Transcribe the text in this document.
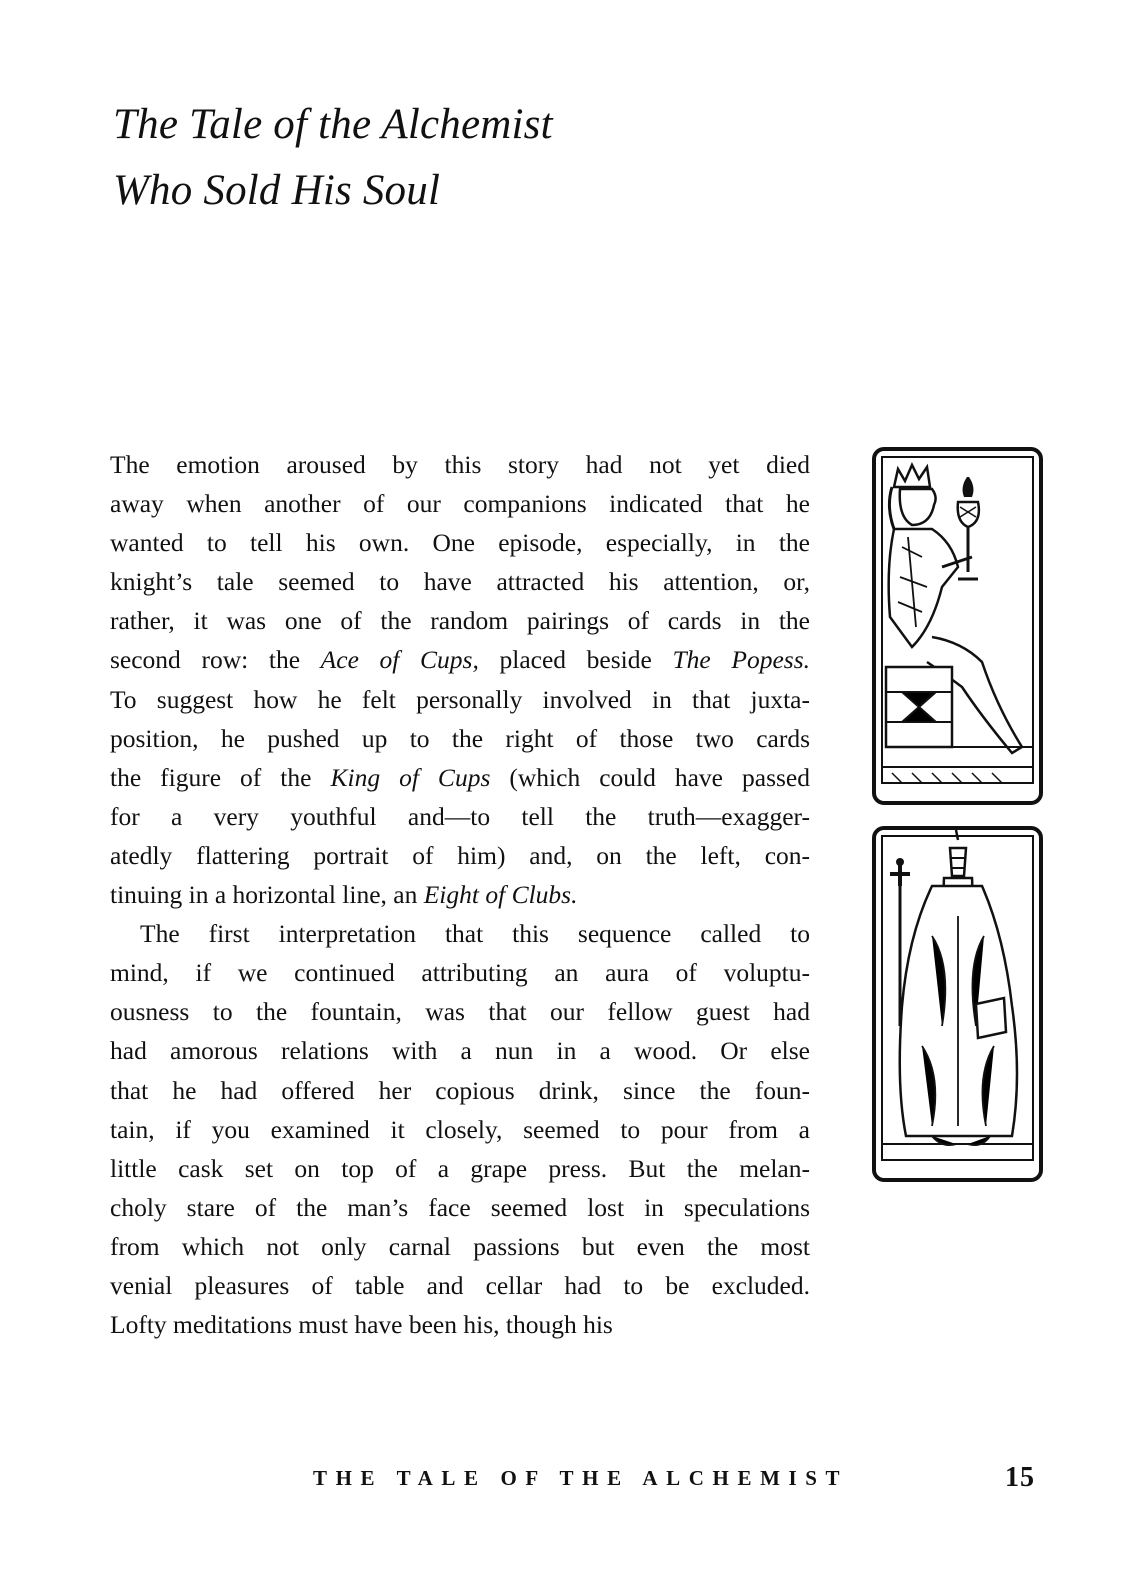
The Tale of the Alchemist
Who Sold His Soul
The emotion aroused by this story had not yet died
away when another of our companions indicated that he
wanted to tell his own. One episode, especially, in the
knight’s tale seemed to have attracted his attention, or,
rather, it was one of the random pairings of cards in the
second row: the Ace of Cups, placed beside The Popess.
To suggest how he felt personally involved in that juxta-
position, he pushed up to the right of those two cards
the figure of the King of Cups (which could have passed
for a very youthful and—to tell the truth—exagger-
atedly flattering portrait of him) and, on the left, con-
tinuing in a horizontal line, an Eight of Clubs.
The first interpretation that this sequence called to
mind, if we continued attributing an aura of voluptu-
ousness to the fountain, was that our fellow guest had
had amorous relations with a nun in a wood. Or else
that he had offered her copious drink, since the foun-
tain, if you examined it closely, seemed to pour from a
little cask set on top of a grape press. But the melan-
choly stare of the man’s face seemed lost in speculations
from which not only carnal passions but even the most
venial pleasures of table and cellar had to be excluded.
Lofty meditations must have been his, though his
THE TALE OF THE ALCHEMIST	15
